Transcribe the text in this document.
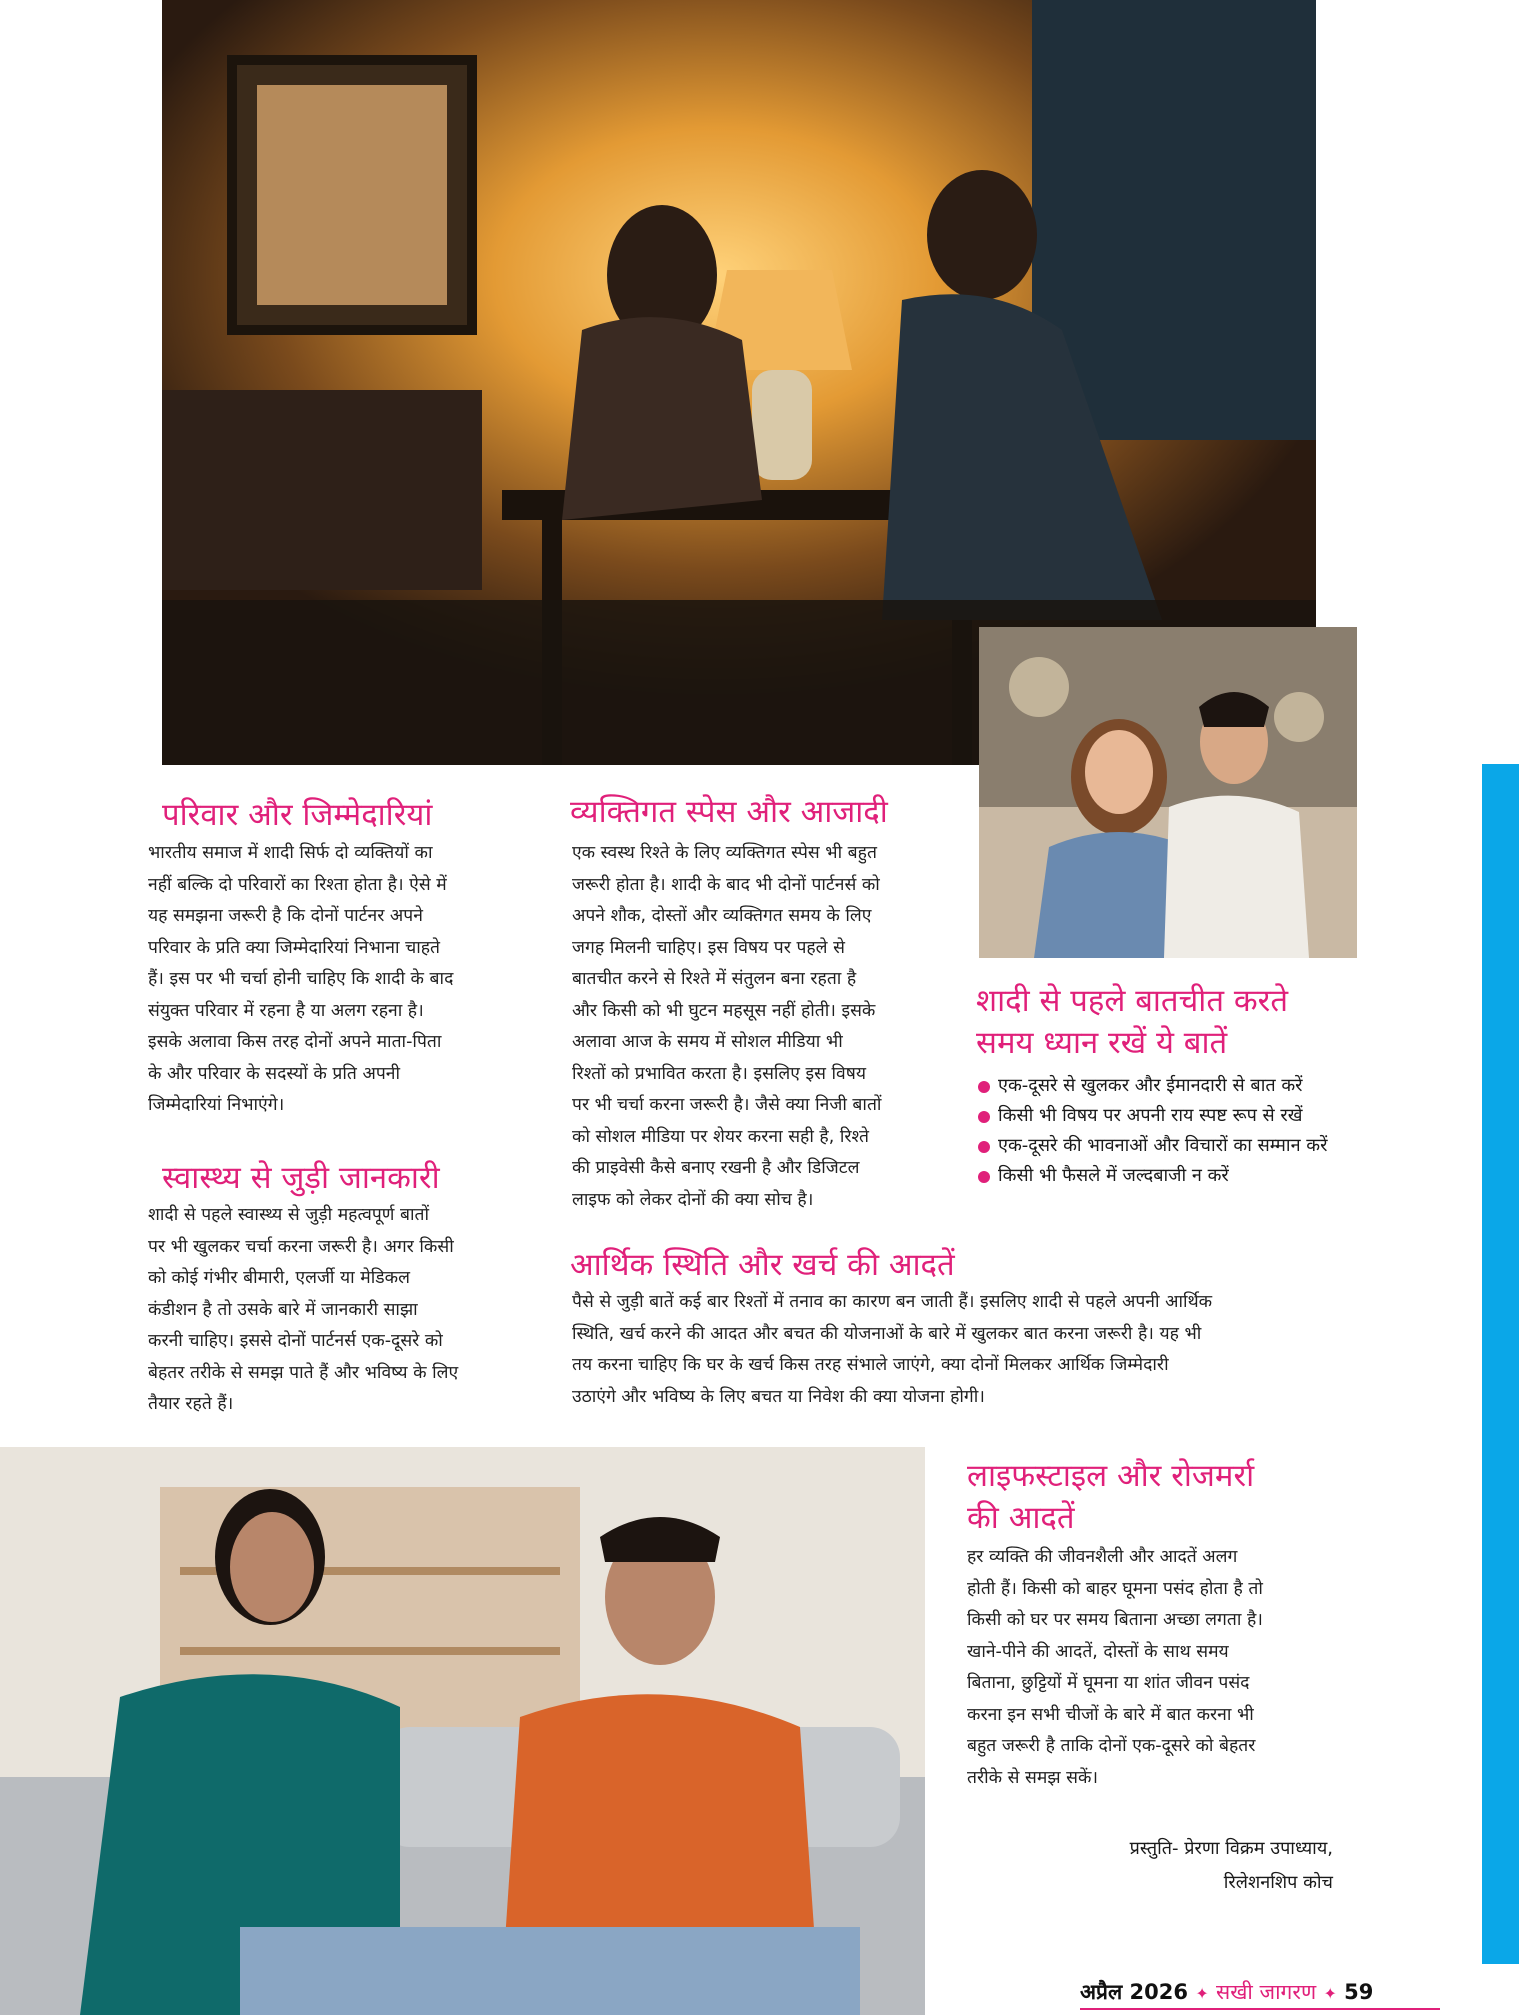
परिवार और जिम्मेदारियां
भारतीय समाज में शादी सिर्फ दो व्यक्तियों का
नहीं बल्कि दो परिवारों का रिश्ता होता है। ऐसे में
यह समझना जरूरी है कि दोनों पार्टनर अपने
परिवार के प्रति क्या जिम्मेदारियां निभाना चाहते
हैं। इस पर भी चर्चा होनी चाहिए कि शादी के बाद
संयुक्त परिवार में रहना है या अलग रहना है।
इसके अलावा किस तरह दोनों अपने माता-पिता
के और परिवार के सदस्यों के प्रति अपनी
जिम्मेदारियां निभाएंगे।
स्वास्थ्य से जुड़ी जानकारी
शादी से पहले स्वास्थ्य से जुड़ी महत्वपूर्ण बातों
पर भी खुलकर चर्चा करना जरूरी है। अगर किसी
को कोई गंभीर बीमारी, एलर्जी या मेडिकल
कंडीशन है तो उसके बारे में जानकारी साझा
करनी चाहिए। इससे दोनों पार्टनर्स एक-दूसरे को
बेहतर तरीके से समझ पाते हैं और भविष्य के लिए
तैयार रहते हैं।
व्यक्तिगत स्पेस और आजादी
एक स्वस्थ रिश्ते के लिए व्यक्तिगत स्पेस भी बहुत
जरूरी होता है। शादी के बाद भी दोनों पार्टनर्स को
अपने शौक, दोस्तों और व्यक्तिगत समय के लिए
जगह मिलनी चाहिए। इस विषय पर पहले से
बातचीत करने से रिश्ते में संतुलन बना रहता है
और किसी को भी घुटन महसूस नहीं होती। इसके
अलावा आज के समय में सोशल मीडिया भी
रिश्तों को प्रभावित करता है। इसलिए इस विषय
पर भी चर्चा करना जरूरी है। जैसे क्या निजी बातों
को सोशल मीडिया पर शेयर करना सही है, रिश्ते
की प्राइवेसी कैसे बनाए रखनी है और डिजिटल
लाइफ को लेकर दोनों की क्या सोच है।
शादी से पहले बातचीत करते
समय ध्यान रखें ये बातें
एक-दूसरे से खुलकर और ईमानदारी से बात करें
किसी भी विषय पर अपनी राय स्पष्ट रूप से रखें
एक-दूसरे की भावनाओं और विचारों का सम्मान करें
किसी भी फैसले में जल्दबाजी न करें
आर्थिक स्थिति और खर्च की आदतें
पैसे से जुड़ी बातें कई बार रिश्तों में तनाव का कारण बन जाती हैं। इसलिए शादी से पहले अपनी आर्थिक
स्थिति, खर्च करने की आदत और बचत की योजनाओं के बारे में खुलकर बात करना जरूरी है। यह भी
तय करना चाहिए कि घर के खर्च किस तरह संभाले जाएंगे, क्या दोनों मिलकर आर्थिक जिम्मेदारी
उठाएंगे और भविष्य के लिए बचत या निवेश की क्या योजना होगी।
लाइफस्टाइल और रोजमर्रा
की आदतें
हर व्यक्ति की जीवनशैली और आदतें अलग
होती हैं। किसी को बाहर घूमना पसंद होता है तो
किसी को घर पर समय बिताना अच्छा लगता है।
खाने-पीने की आदतें, दोस्तों के साथ समय
बिताना, छुट्टियों में घूमना या शांत जीवन पसंद
करना इन सभी चीजों के बारे में बात करना भी
बहुत जरूरी है ताकि दोनों एक-दूसरे को बेहतर
तरीके से समझ सकें।
प्रस्तुति- प्रेरणा विक्रम उपाध्याय,
रिलेशनशिप कोच
अप्रैल 2026 ✦ सखी जागरण ✦ 59
